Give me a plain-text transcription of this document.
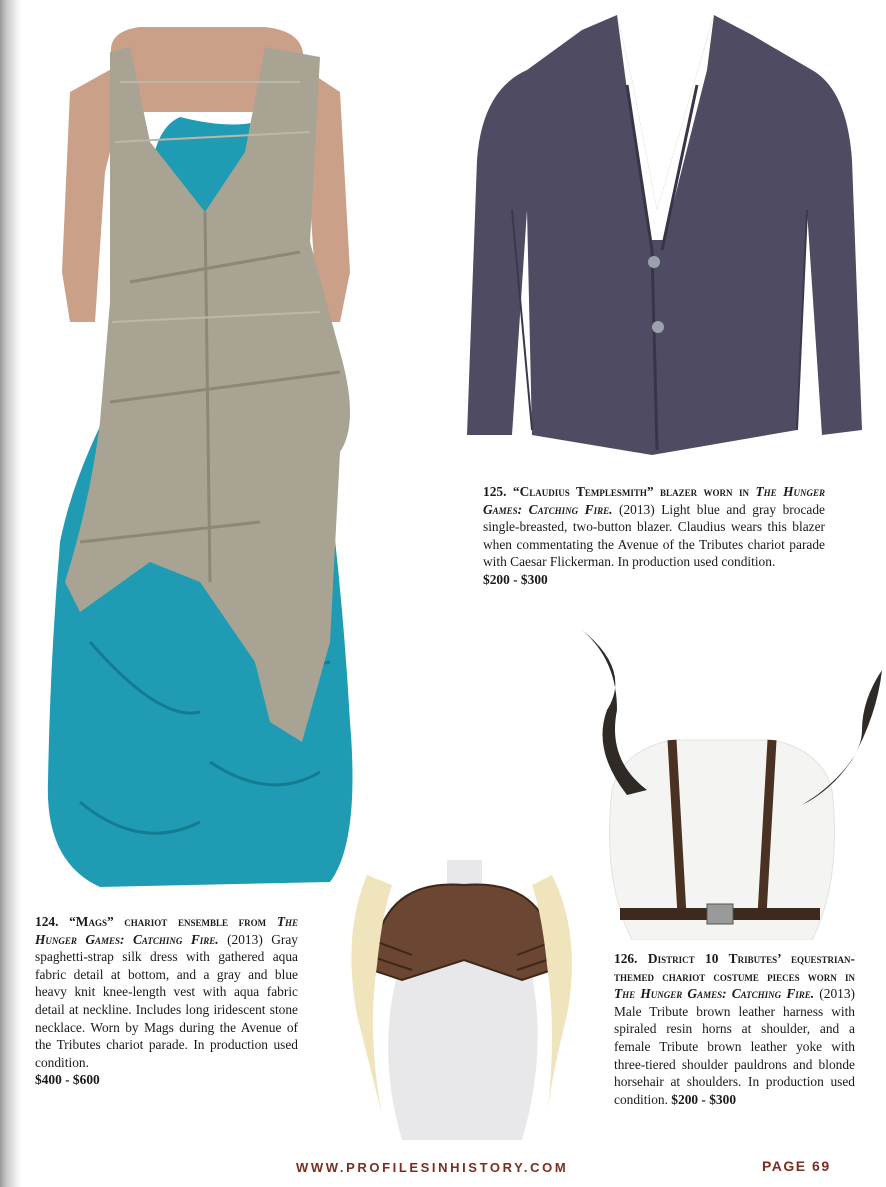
124. “Mags” chariot ensemble from The Hunger Games: Catching Fire. (2013) Gray spaghetti-strap silk dress with gathered aqua fabric detail at bottom, and a gray and blue heavy knit knee-length vest with aqua fabric detail at neckline. Includes long iridescent stone necklace. Worn by Mags during the Avenue of the Tributes chariot parade. In production used condition.
$400 - $600
125. “Claudius Templesmith” blazer worn in The Hunger Games: Catching Fire. (2013) Light blue and gray brocade single-breasted, two-button blazer. Claudius wears this blazer when commentating the Avenue of the Tributes chariot parade with Caesar Flickerman. In production used condition.
$200 - $300
126. District 10 Tributes’ equestrian-themed chariot costume pieces worn in The Hunger Games: Catching Fire. (2013) Male Tribute brown leather harness with spiraled resin horns at shoulder, and a female Tribute brown leather yoke with three-tiered shoulder pauldrons and blonde horsehair at shoulders. In production used condition. $200 - $300
WWW.PROFILESINHISTORY.COM	PAGE 69
